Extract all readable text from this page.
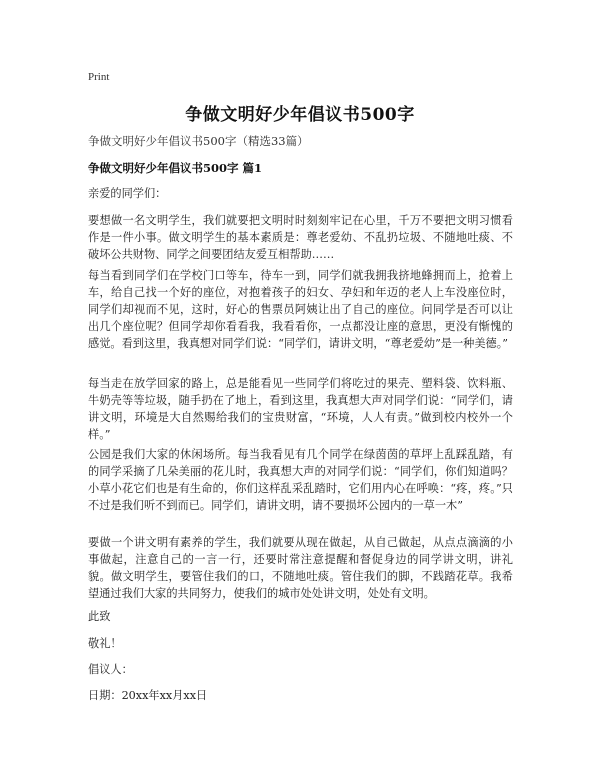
Print
争做文明好少年倡议书500字
争做文明好少年倡议书500字（精选33篇）
争做文明好少年倡议书500字 篇1
亲爱的同学们：
要想做一名文明学生，我们就要把文明时时刻刻牢记在心里，千万不要把文明习惯看作是一件小事。做文明学生的基本素质是：尊老爱幼、不乱扔垃圾、不随地吐痰、不破坏公共财物、同学之间要团结友爱互相帮助……
每当看到同学们在学校门口等车，待车一到，同学们就我拥我挤地蜂拥而上，抢着上车，给自己找一个好的座位，对抱着孩子的妇女、孕妇和年迈的老人上车没座位时，同学们却视而不见，这时，好心的售票员阿姨让出了自己的座位。问同学是否可以让出几个座位呢？但同学却你看看我，我看看你，一点都没让座的意思，更没有惭愧的感觉。看到这里，我真想对同学们说：“同学们，请讲文明，“尊老爱幼”是一种美德。”
每当走在放学回家的路上，总是能看见一些同学们将吃过的果壳、塑料袋、饮料瓶、牛奶壳等等垃圾，随手扔在了地上，看到这里，我真想大声对同学们说：“同学们，请讲文明，环境是大自然赐给我们的宝贵财富，“环境，人人有责。”做到校内校外一个样。”
公园是我们大家的休闲场所。每当我看见有几个同学在绿茵茵的草坪上乱踩乱踏，有的同学采摘了几朵美丽的花儿时，我真想大声的对同学们说：“同学们，你们知道吗？小草小花它们也是有生命的，你们这样乱采乱踏时，它们用内心在呼唤：“疼，疼。”只不过是我们听不到而已。同学们，请讲文明，请不要损坏公园内的一草一木”
要做一个讲文明有素养的学生，我们就要从现在做起，从自己做起，从点点滴滴的小事做起，注意自己的一言一行，还要时常注意提醒和督促身边的同学讲文明，讲礼貌。做文明学生，要管住我们的口，不随地吐痰。管住我们的脚，不践踏花草。我希望通过我们大家的共同努力，使我们的城市处处讲文明，处处有文明。
此致
敬礼！
倡议人：
日期：20xx年xx月xx日
